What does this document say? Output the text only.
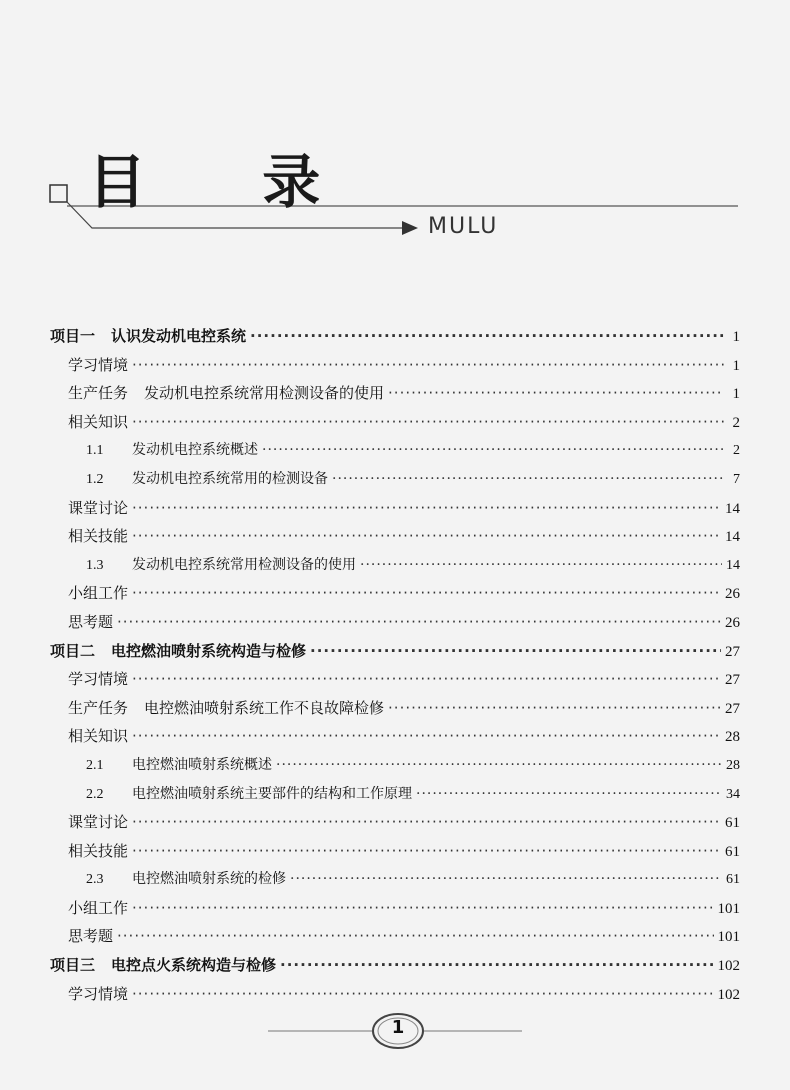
目 录
MULU
项目一 认识发动机电控系统 ·····	1
学习情境 ·····	1
生产任务 发动机电控系统常用检测设备的使用 ·····	1
相关知识 ·····	2
1.1	发动机电控系统概述 ·····	2
1.2	发动机电控系统常用的检测设备 ·····	7
课堂讨论 ·····	14
相关技能 ·····	14
1.3	发动机电控系统常用检测设备的使用 ·····	14
小组工作 ·····	26
思考题 ·····	26
项目二 电控燃油喷射系统构造与检修 ·····	27
学习情境 ·····	27
生产任务 电控燃油喷射系统工作不良故障检修 ·····	27
相关知识 ·····	28
2.1	电控燃油喷射系统概述 ·····	28
2.2	电控燃油喷射系统主要部件的结构和工作原理 ·····	34
课堂讨论 ·····	61
相关技能 ·····	61
2.3	电控燃油喷射系统的检修 ·····	61
小组工作 ·····	101
思考题 ·····	101
项目三 电控点火系统构造与检修 ·····	102
学习情境 ·····	102
1
